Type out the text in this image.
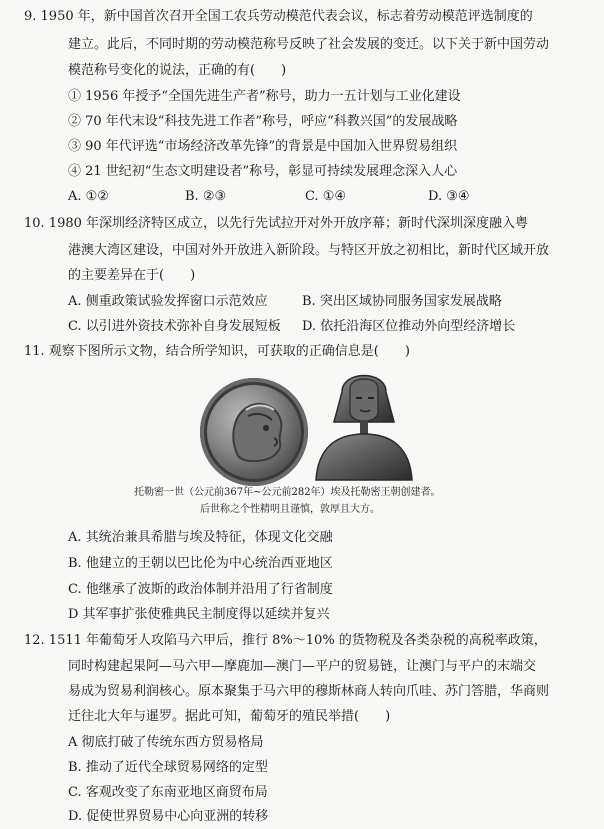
9. 1950 年，新中国首次召开全国工农兵劳动模范代表会议，标志着劳动模范评选制度的
建立。此后，不同时期的劳动模范称号反映了社会发展的变迁。以下关于新中国劳动
模范称号变化的说法，正确的有(　　)
① 1956 年授予“全国先进生产者”称号，助力一五计划与工业化建设
② 70 年代末设“科技先进工作者”称号，呼应“科教兴国”的发展战略
③ 90 年代评选“市场经济改革先锋”的背景是中国加入世界贸易组织
④ 21 世纪初“生态文明建设者”称号，彰显可持续发展理念深入人心
A. ①②	B. ②③	C. ①④	D. ③④
10. 1980 年深圳经济特区成立，以先行先试拉开对外开放序幕；新时代深圳深度融入粤
港澳大湾区建设，中国对外开放进入新阶段。与特区开放之初相比，新时代区域开放
的主要差异在于(　　)
A. 侧重政策试验发挥窗口示范效应	B. 突出区域协同服务国家发展战略
C. 以引进外资技术弥补自身发展短板 D. 依托沿海区位推动外向型经济增长
11. 观察下图所示文物，结合所学知识，可获取的正确信息是(　　)
托勒密一世（公元前367年~公元前282年）埃及托勒密王朝创建者。
后世称之个性精明且谨慎，敦厚且大方。
A. 其统治兼具希腊与埃及特征，体现文化交融
B. 他建立的王朝以巴比伦为中心统治西亚地区
C. 他继承了波斯的政治体制并沿用了行省制度
D 其军事扩张使雅典民主制度得以延续并复兴
12. 1511 年葡萄牙人攻陷马六甲后，推行 8%～10% 的货物税及各类杂税的高税率政策，
同时构建起果阿—马六甲—摩鹿加—澳门—平户的贸易链，让澳门与平户的末端交
易成为贸易利润核心。原本聚集于马六甲的穆斯林商人转向爪哇、苏门答腊，华商则
迁往北大年与暹罗。据此可知，葡萄牙的殖民举措(　　)
A 彻底打破了传统东西方贸易格局
B. 推动了近代全球贸易网络的定型
C. 客观改变了东南亚地区商贸布局
D. 促使世界贸易中心向亚洲的转移
